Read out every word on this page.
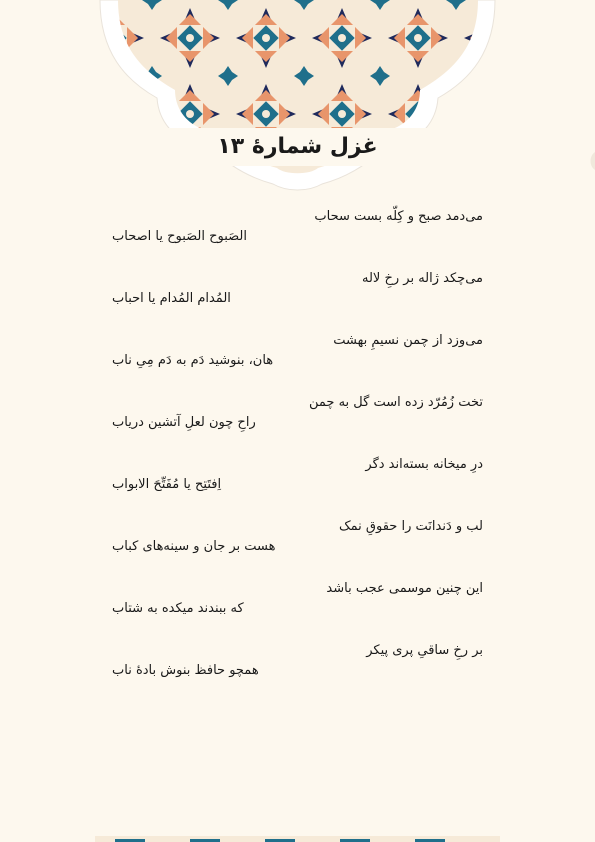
غزل شمارهٔ ۱۳

می‌دمد صبح و کِلّه بست سحاب

الصَبوح الصَبوح یا اصحاب

می‌چکد ژاله بر رخِ لاله

المُدام المُدام یا احباب

می‌وزد از چمن نسیمِ بهشت

هان، بنوشید دَم به دَم مِیِ ناب

تخت زُمُرّد زده است گل به چمن

راحِ چون لعلِ آتشین دریاب

درِ میخانه بسته‌اند دگر

اِفتَتِح یا مُفَتِّحَ الابواب

لب و دَندانَت را حقوقِ نمک

هست بر جان و سینه‌های کباب

این چنین موسمی عجب باشد

که ببندند میکده به شتاب

بر رخِ ساقیِ پری پیکر

همچو حافظ بنوش بادهٔ ناب
